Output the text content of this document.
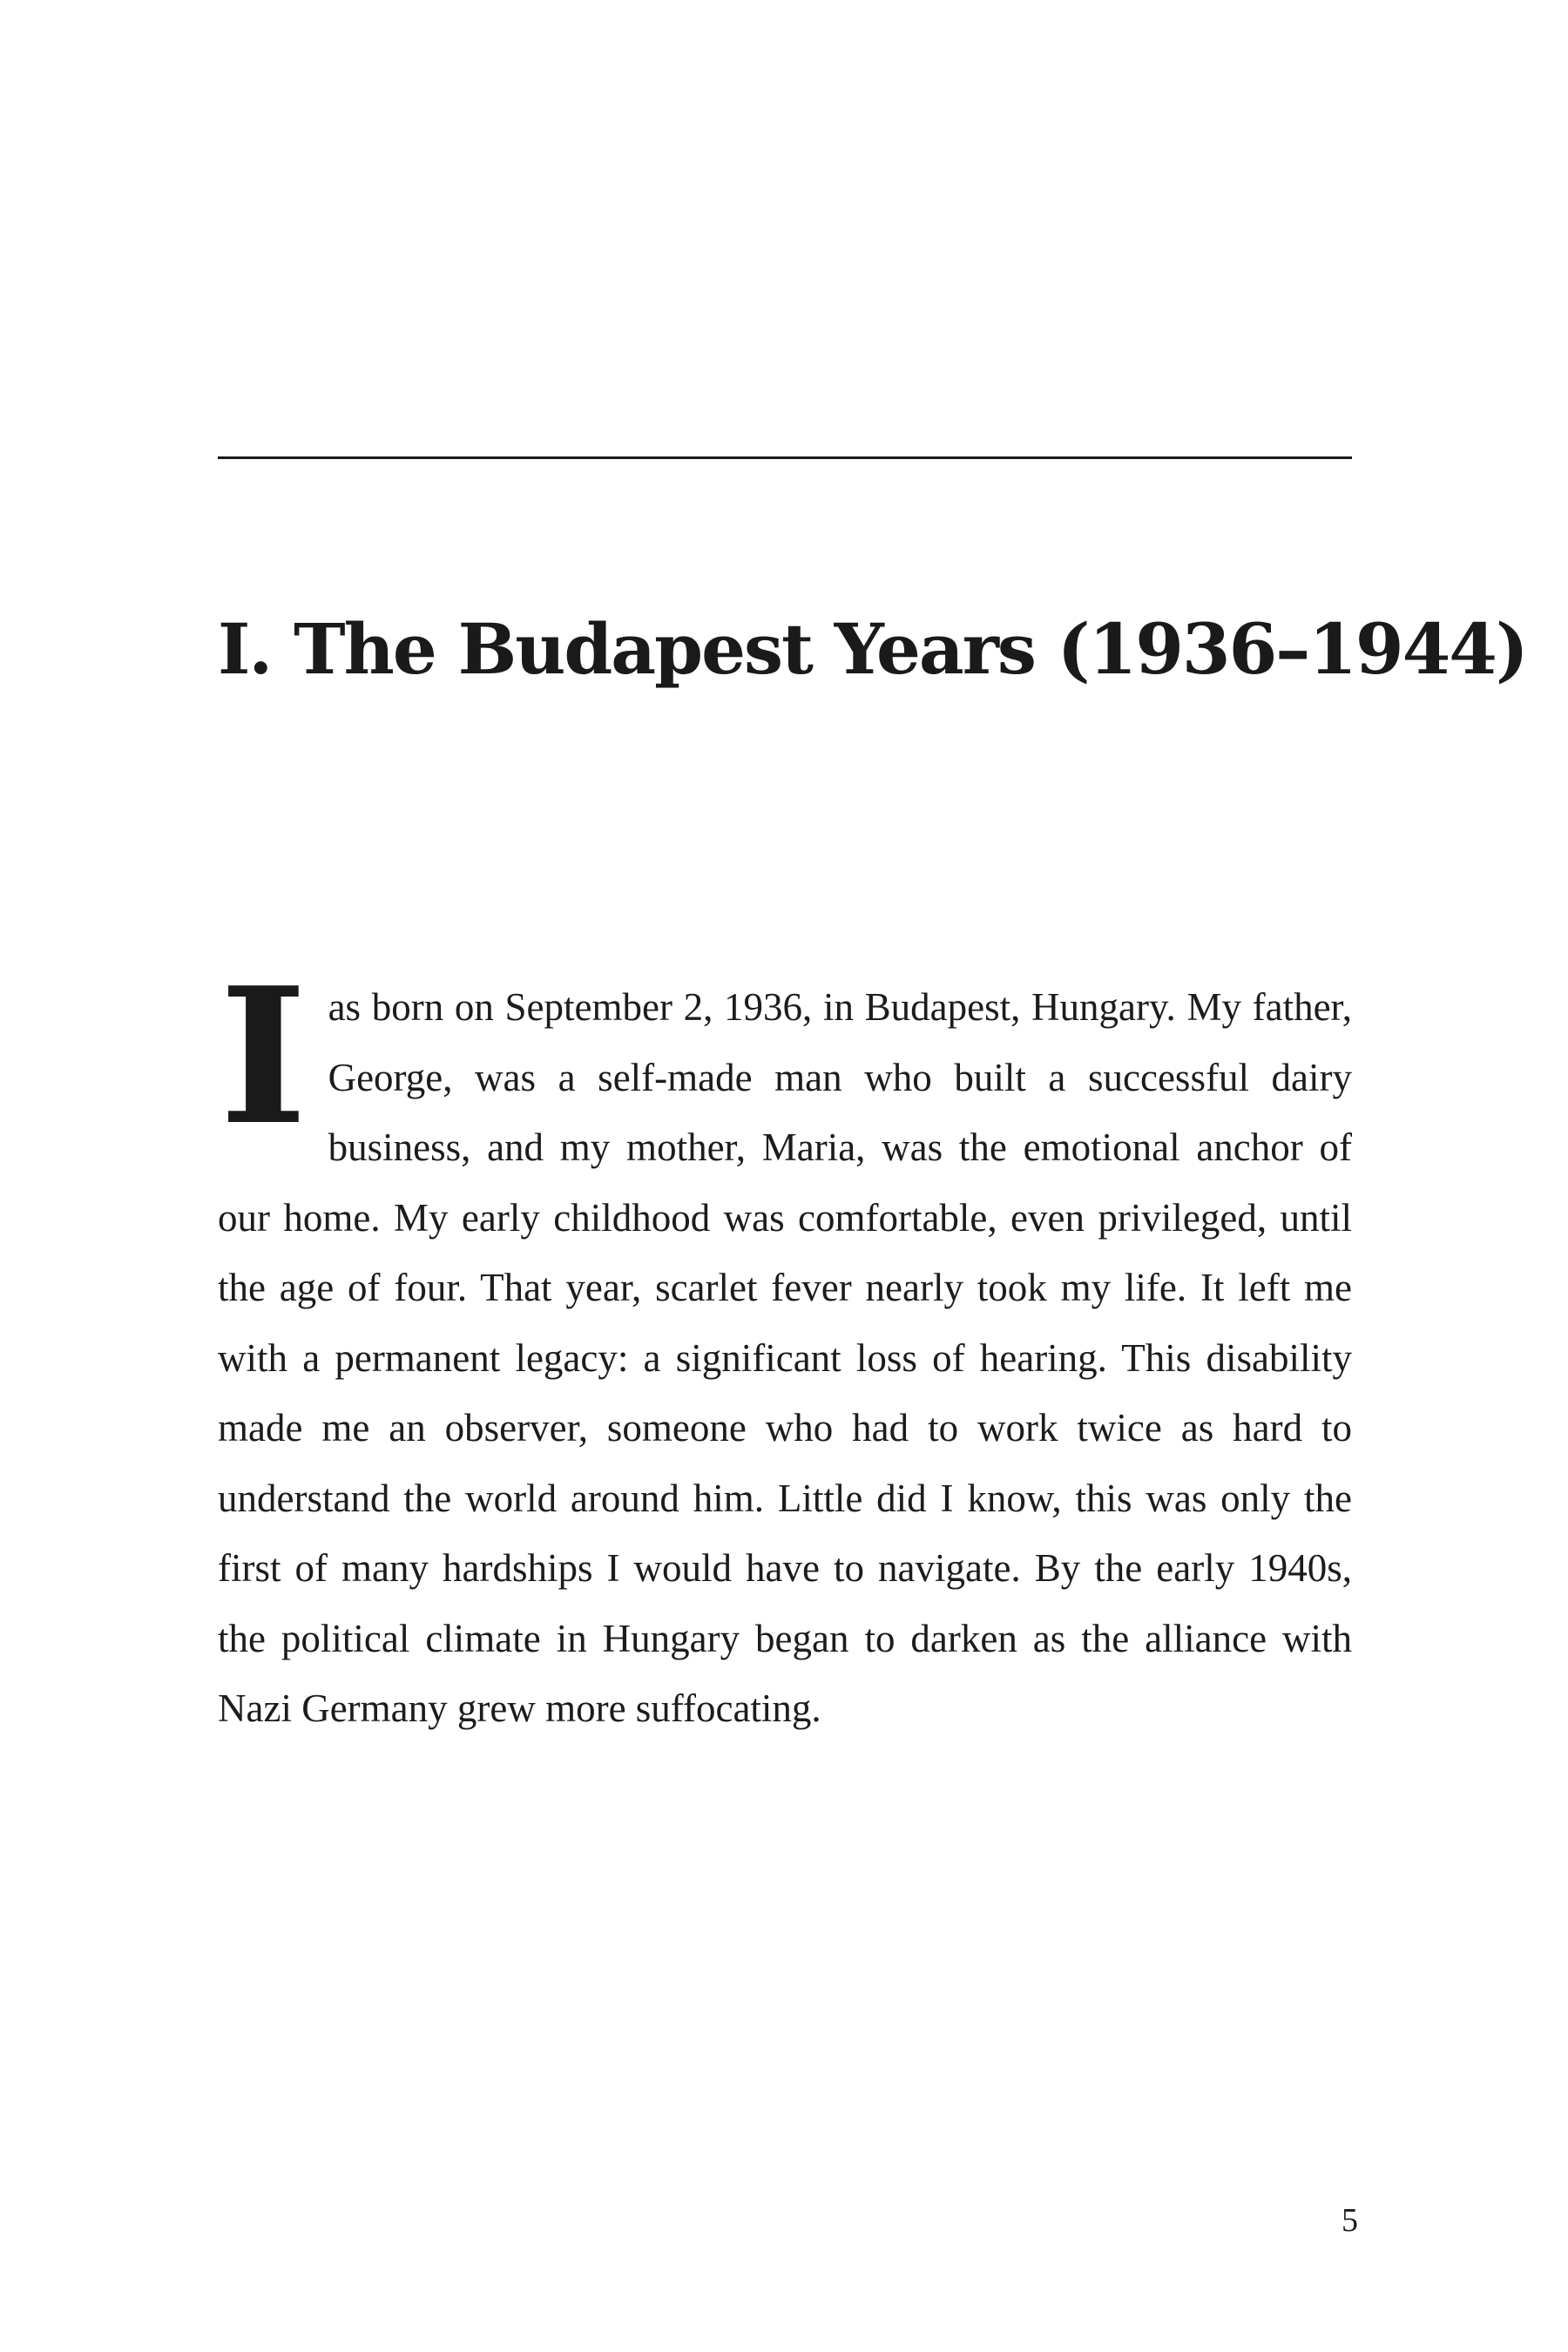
I. The Budapest Years (1936–1944)

Ias born on September 2, 1936, in Budapest, Hungary. My father, George, was a self-made man who built a successful dairy business, and my mother, Maria, was the emotional anchor of our home. My early childhood was comfortable, even privileged, until the age of four. That year, scarlet fever nearly took my life. It left me with a permanent legacy: a significant loss of hearing. This disability made me an observer, someone who had to work twice as hard to understand the world around him. Little did I know, this was only the first of many hardships I would have to navigate. By the early 1940s, the political climate in Hungary began to darken as the alliance with Nazi Germany grew more suffocating.

5
